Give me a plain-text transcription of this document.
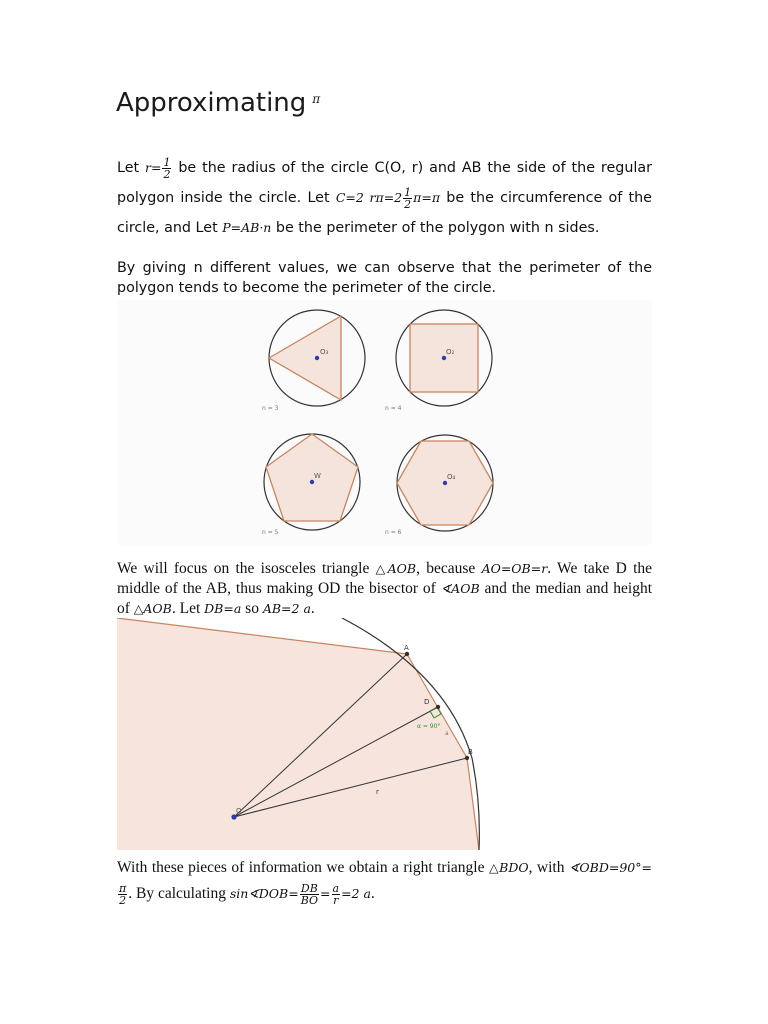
Approximating $^\pi$
Let $r= \frac{1}{2}$ be the radius of the circle C(O, r) and AB the side of the regular polygon inside the circle. Let C=2 $r\pi=2 \frac{1}{2} \pi=\pi$ be the circumference of the circle, and Let P=AB·n be the perimeter of the polygon with n sides.
By giving n different values, we can observe that the perimeter of the polygon tends to become the perimeter of the circle.
O₃
n = 3
O₂
n = 4
W
n = 5
O₄
n = 6
We will focus on the isosceles triangle △AOB, because AO=OB=r. We take D the middle of the AB, thus making OD the bisector of ∢AOB and the median and height of △AOB. Let DB=a so AB=2 a.
A
D
B
O
r
a
α = 90°
With these pieces of information we obtain a right triangle △BDO, with ∢OBD=90°=
$\frac{\pi}{2}$ . By calculating sin∢DOB= $\frac{DB}{BO} = \frac{a}{r} =2$ a.
